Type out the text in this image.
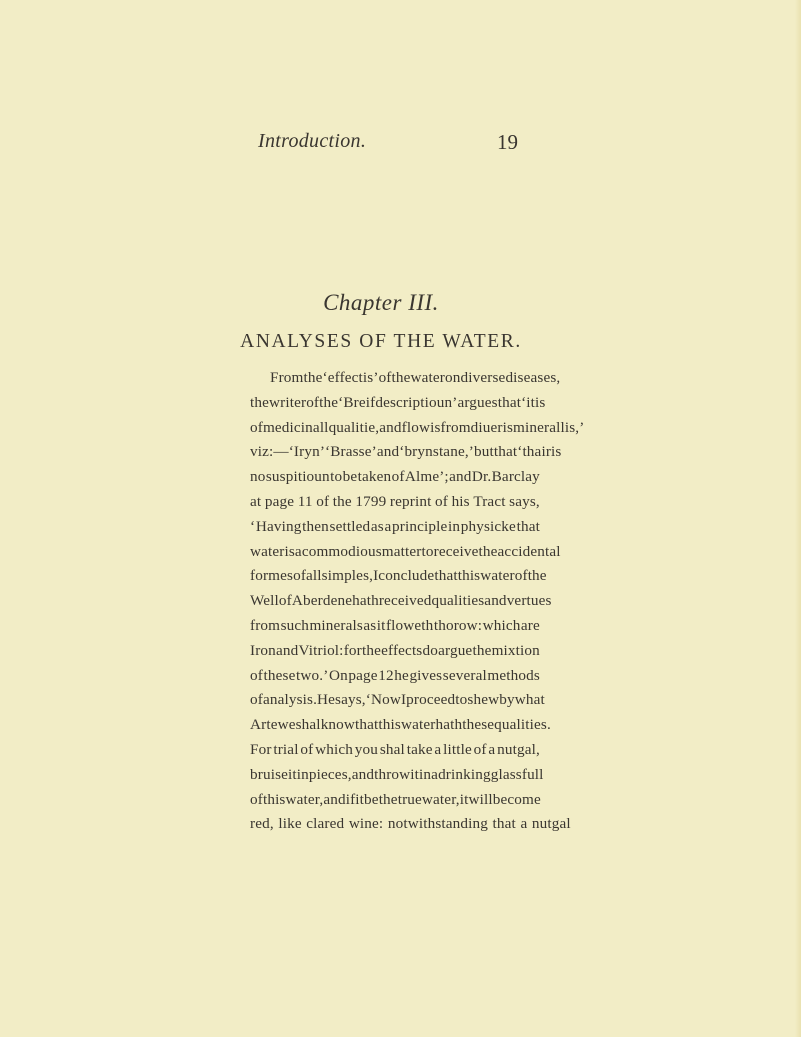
Introduction.	19
Chapter III.
ANALYSES OF THE WATER.
From the ‘effectis’ of the water on diverse diseases,
the writer of the ‘ Breif descriptioun’ argues that ‘it is
of medicinall qualitie, and flowis from diueris minerallis,’
viz:—‘Iryn’ ‘Brasse’ and ‘brynstane,’ but that ‘thair is
no suspitioun to be taken of Alme’; and Dr. Barclay
at page 11 of the 1799 reprint of his Tract says,
‘ Having then settled as a principle in physicke that
water is a commodious matter to receive the accidental
formes of all simples, I conclude that this water of the
Well of Aberdene hath received qualities and vertues
from such minerals as it floweth thorow: which are
Iron and Vitriol: for the effects do argue the mixtion
of these two.’ On page 12 he gives several methods
of analysis. He says, ‘Now I proceed to shew by what
Arte we shal know that this water hath these qualities.
For trial of which you shal take a little of a nutgal,
bruise it in pieces, and throw it in a drinking glass full
of this water, and if it be the true water, it will become
red, like clared wine: notwithstanding that a nutgal
